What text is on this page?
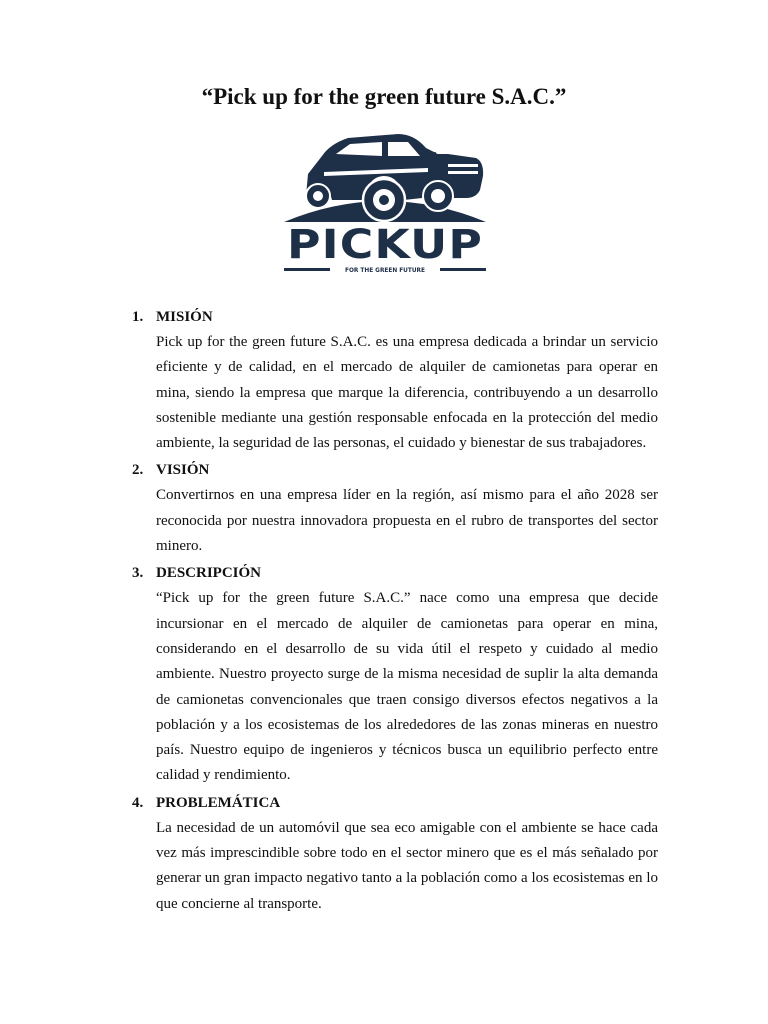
“Pick up for the green future S.A.C.”
PICKUP
FOR THE GREEN FUTURE
1. MISIÓN

Pick up for the green future S.A.C. es una empresa dedicada a brindar un servicio eficiente y de calidad, en el mercado de alquiler de camionetas para operar en mina, siendo la empresa que marque la diferencia, contribuyendo a un desarrollo sostenible mediante una gestión responsable enfocada en la protección del medio ambiente, la seguridad de las personas, el cuidado y bienestar de sus trabajadores.

2. VISIÓN

Convertirnos en una empresa líder en la región, así mismo para el año 2028 ser reconocida por nuestra innovadora propuesta en el rubro de transportes del sector minero.

3. DESCRIPCIÓN

“Pick up for the green future S.A.C.” nace como una empresa que decide incursionar en el mercado de alquiler de camionetas para operar en mina, considerando en el desarrollo de su vida útil el respeto y cuidado al medio ambiente. Nuestro proyecto surge de la misma necesidad de suplir la alta demanda de camionetas convencionales que traen consigo diversos efectos negativos a la población y a los ecosistemas de los alrededores de las zonas mineras en nuestro país. Nuestro equipo de ingenieros y técnicos busca un equilibrio perfecto entre calidad y rendimiento.

4. PROBLEMÁTICA

La necesidad de un automóvil que sea eco amigable con el ambiente se hace cada vez más imprescindible sobre todo en el sector minero que es el más señalado por generar un gran impacto negativo tanto a la población como a los ecosistemas en lo que concierne al transporte.
